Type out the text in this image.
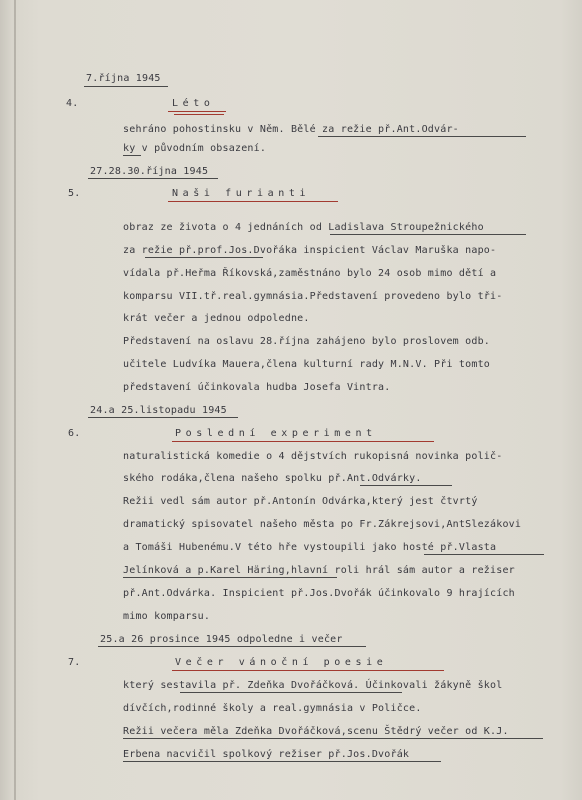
7.října 1945
4.	Léto
sehráno pohostinsku v Něm. Bělé za režie př.Ant.Odvár-
ky v původním obsazení.
27.28.30.října 1945
5.	Naši furianti
obraz ze života o 4 jednáních od Ladislava Stroupežnického
za režie př.prof.Jos.Dvořáka inspicient Václav Maruška napo-
vídala př.Heřma Říkovská,zaměstnáno bylo 24 osob mimo dětí a
komparsu VII.tř.real.gymnásia.Představení provedeno bylo tři-
krát večer a jednou odpoledne.
Představení na oslavu 28.října zahájeno bylo proslovem odb.
učitele Ludvíka Mauera,člena kulturní rady M.N.V. Při tomto
představení účinkovala hudba Josefa Vintra.
24.a 25.listopadu 1945
6.	Poslední experiment
naturalistická komedie o 4 dějstvích rukopisná novinka polič-
ského rodáka,člena našeho spolku př.Ant.Odvárky.
Režii vedl sám autor př.Antonín Odvárka,který jest čtvrtý
dramatický spisovatel našeho města po Fr.Zákrejsovi,AntSlezákovi
a Tomáši Hubenému.V této hře vystoupili jako hosté př.Vlasta
Jelínková a p.Karel Häring,hlavní roli hrál sám autor a režiser
př.Ant.Odvárka. Inspicient př.Jos.Dvořák účinkovalo 9 hrajících
mimo komparsu.
25.a 26 prosince 1945 odpoledne i večer
7.	Večer vánoční poesie
který sestavila př. Zdeňka Dvořáčková. Účinkovali žákyně škol
dívčích,rodinné školy a real.gymnásia v Poličce.
Režii večera měla Zdeňka Dvořáčková,scenu Štědrý večer od K.J.
Erbena nacvičil spolkový režiser př.Jos.Dvořák
